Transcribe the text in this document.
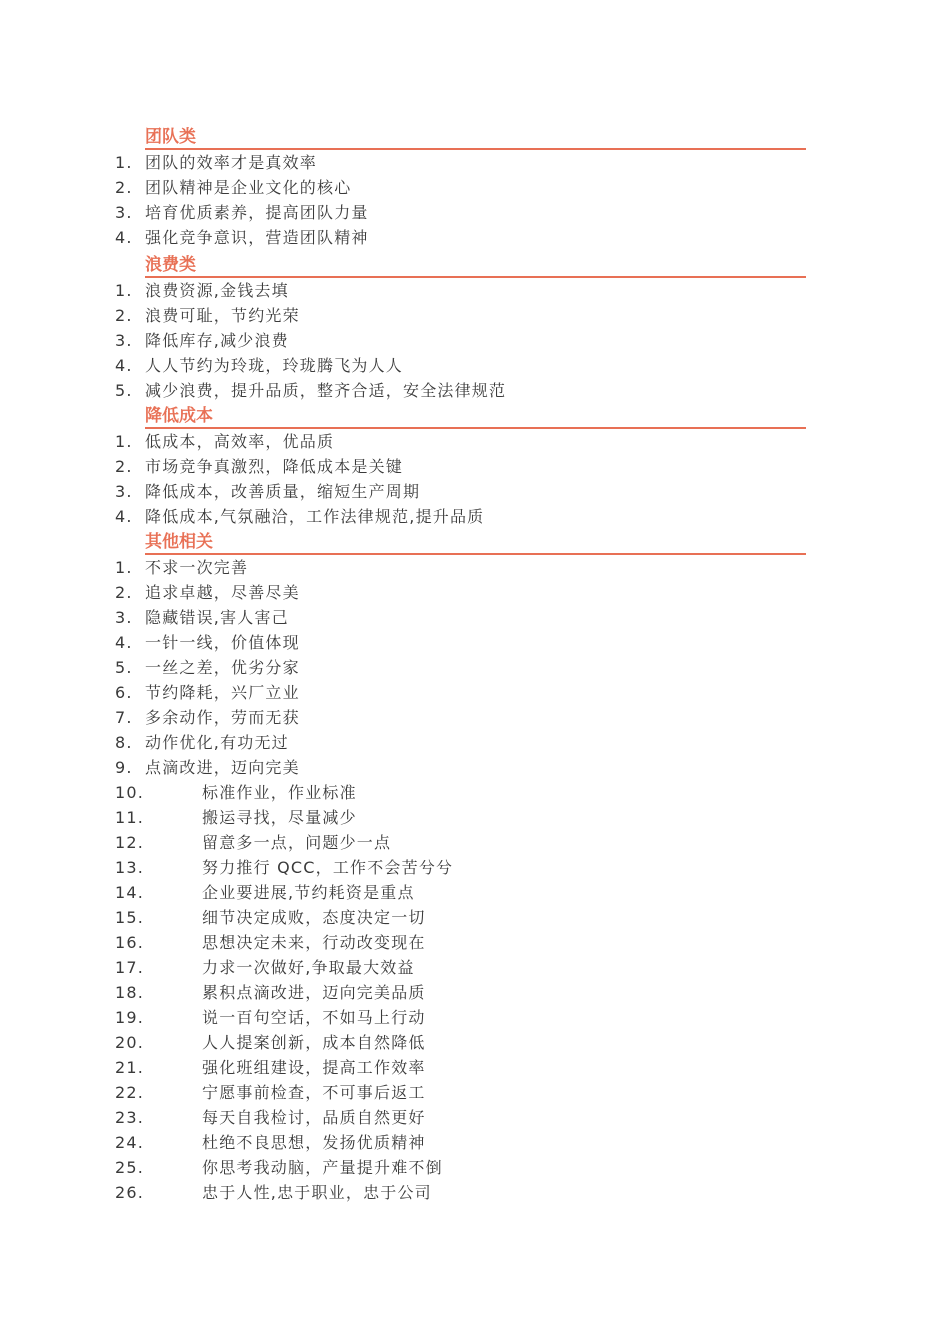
团队类
1. 团队的效率才是真效率
2. 团队精神是企业文化的核心
3. 培育优质素养，提高团队力量
4. 强化竞争意识，营造团队精神
浪费类
1. 浪费资源,金钱去填
2. 浪费可耻，节约光荣
3. 降低库存,减少浪费
4. 人人节约为玲珑，玲珑腾飞为人人
5. 减少浪费，提升品质，整齐合适，安全法律规范
降低成本
1. 低成本，高效率，优品质
2. 市场竞争真激烈，降低成本是关键
3. 降低成本，改善质量，缩短生产周期
4. 降低成本,气氛融洽，工作法律规范,提升品质
其他相关
1. 不求一次完善
2. 追求卓越，尽善尽美
3. 隐藏错误,害人害己
4. 一针一线，价值体现
5. 一丝之差，优劣分家
6. 节约降耗，兴厂立业
7. 多余动作，劳而无获
8. 动作优化,有功无过
9. 点滴改进，迈向完美
10.	标准作业，作业标准
11.	搬运寻找，尽量减少
12.	留意多一点，问题少一点
13.	努力推行 QCC，工作不会苦兮兮
14.	企业要进展,节约耗资是重点
15.	细节决定成败，态度决定一切
16.	思想决定未来，行动改变现在
17.	力求一次做好,争取最大效益
18.	累积点滴改进，迈向完美品质
19.	说一百句空话，不如马上行动
20.	人人提案创新，成本自然降低
21.	强化班组建设，提高工作效率
22.	宁愿事前检查，不可事后返工
23.	每天自我检讨，品质自然更好
24.	杜绝不良思想，发扬优质精神
25.	你思考我动脑，产量提升难不倒
26.	忠于人性,忠于职业，忠于公司
